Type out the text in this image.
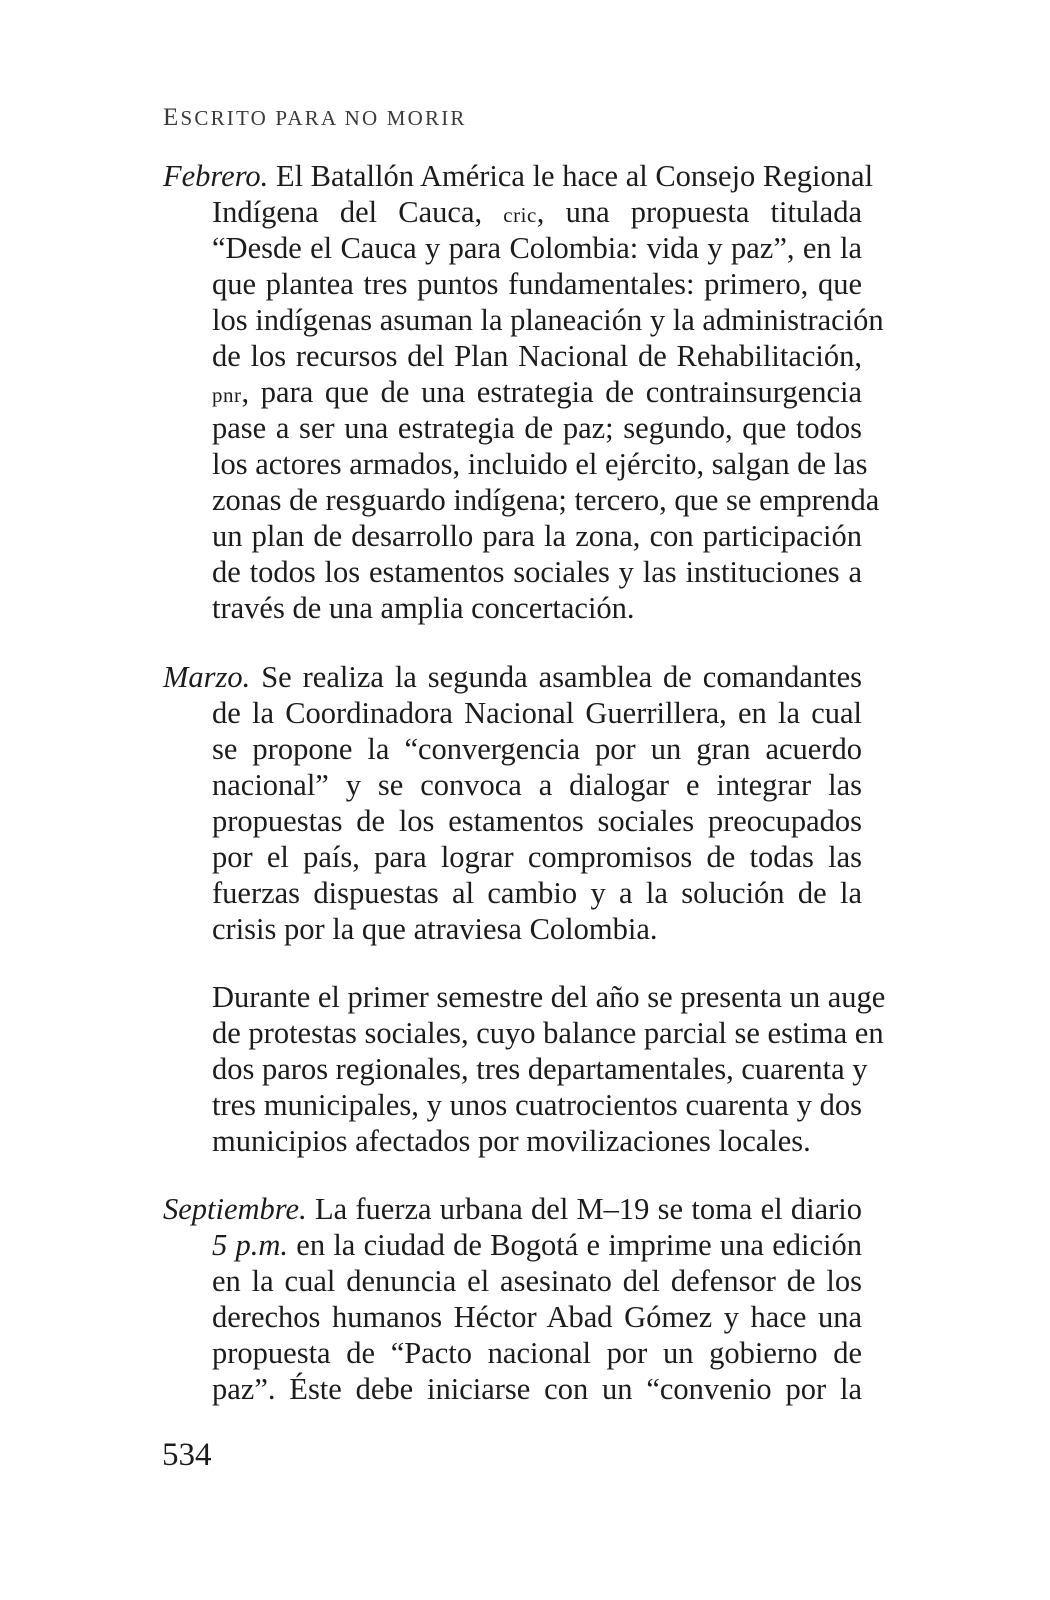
ESCRITO PARA NO MORIR
Febrero. El Batallón América le hace al Consejo Regional
Indígena del Cauca, cric, una propuesta titulada
“Desde el Cauca y para Colombia: vida y paz”, en la
que plantea tres puntos fundamentales: primero, que
los indígenas asuman la planeación y la administración
de los recursos del Plan Nacional de Rehabilitación,
pnr, para que de una estrategia de contrainsurgencia
pase a ser una estrategia de paz; segundo, que todos
los actores armados, incluido el ejército, salgan de las
zonas de resguardo indígena; tercero, que se emprenda
un plan de desarrollo para la zona, con participación
de todos los estamentos sociales y las instituciones a
través de una amplia concertación.
Marzo. Se realiza la segunda asamblea de comandantes
de la Coordinadora Nacional Guerrillera, en la cual
se propone la “convergencia por un gran acuerdo
nacional” y se convoca a dialogar e integrar las
propuestas de los estamentos sociales preocupados
por el país, para lograr compromisos de todas las
fuerzas dispuestas al cambio y a la solución de la
crisis por la que atraviesa Colombia.
Durante el primer semestre del año se presenta un auge
de protestas sociales, cuyo balance parcial se estima en
dos paros regionales, tres departamentales, cuarenta y
tres municipales, y unos cuatrocientos cuarenta y dos
municipios afectados por movilizaciones locales.
Septiembre. La fuerza urbana del M–19 se toma el diario
5 p.m. en la ciudad de Bogotá e imprime una edición
en la cual denuncia el asesinato del defensor de los
derechos humanos Héctor Abad Gómez y hace una
propuesta de “Pacto nacional por un gobierno de
paz”. Éste debe iniciarse con un “convenio por la
534
